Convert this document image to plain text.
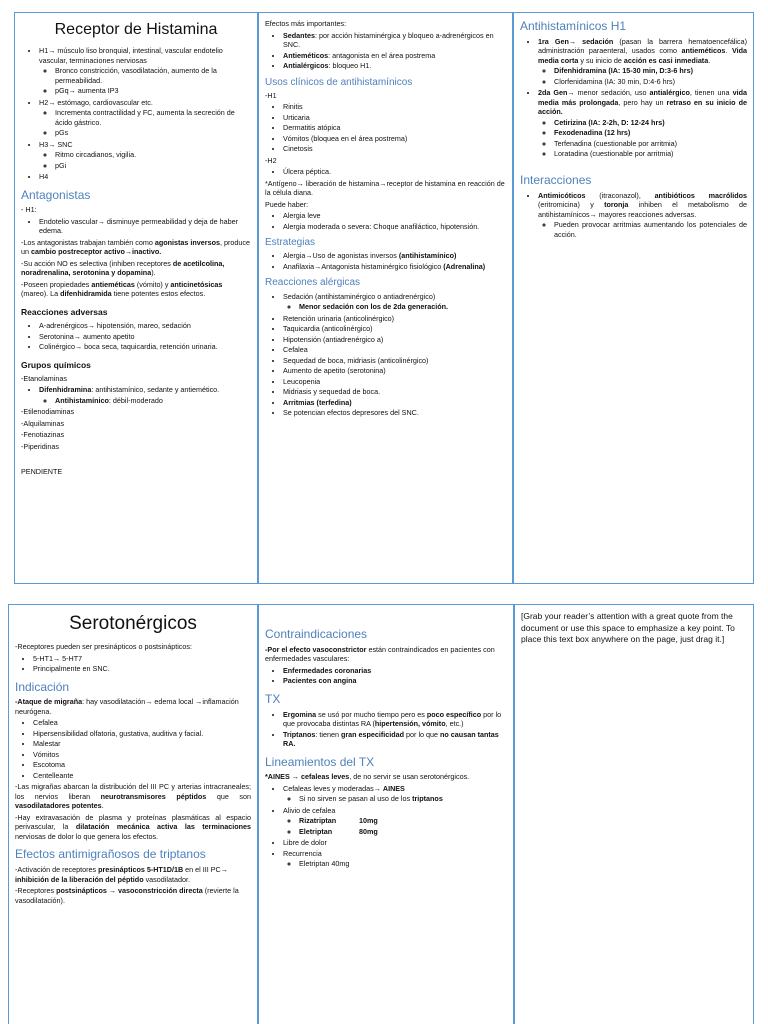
Receptor de Histamina
• H1→ músculo liso bronquial, intestinal, vascular endotelio vascular, terminaciones nerviosas
◦ Bronco constricción, vasodilatación, aumento de la permeabilidad.
◦ pGq→ aumenta IP3
• H2→ estómago, cardiovascular etc.
◦ Incrementa contractilidad y FC, aumenta la secreción de ácido gástrico.
◦ pGs
• H3→ SNC
◦ Ritmo circadianos, vigilia.
◦ pGi
• H4
Antagonistas

- H1:

• Endotelio vascular→ disminuye permeabilidad y deja de haber edema.

-Los antagonistas trabajan también como agonistas inversos, produce un cambio postreceptor activo→inactivo.

-Su acción NO es selectiva (inhiben receptores de acetilcolina, noradrenalina, serotonina y dopamina).

-Poseen propiedades antieméticas (vómito) y anticinetósicas (mareo). La difenhidramida tiene potentes estos efectos.

Reacciones adversas
• A-adrenérgicos→ hipotensión, mareo, sedación
• Serotonina→ aumento apetito
• Colinérgico→ boca seca, taquicardia, retención urinaria.
Grupos químicos

-Etanolaminas

• Difenhidramina: antihistamínico, sedante y antiemético.
◦ Antihistamínico: débil-moderado

-Etilenodiaminas

-Alquilaminas

-Fenotiazinas

-Piperidinas

PENDIENTE

Efectos más importantes:

• Sedantes: por acción histaminérgica y bloqueo a-adrenérgicos en SNC.
• Antieméticos: antagonista en el área postrema
• Antialérgicos: bloqueo H1.
Usos clínicos de antihistamínicos

-H1

• Rinitis
• Urticaria
• Dermatitis atópica
• Vómitos (bloquea en el área postrema)
• Cinetosis

-H2

• Úlcera péptica.

*Antígeno→ liberación de histamina→receptor de histamina en reacción de la célula diana.

Puede haber:

• Alergia leve
• Alergia moderada o severa: Choque anafiláctico, hipotensión.
Estrategias
• Alergia→Uso de agonistas inversos (antihistamínico)
• Anafilaxia→Antagonista histaminérgico fisiológico (Adrenalina)
Reacciones alérgicas
• Sedación (antihistaminérgico o antiadrenérgico)
◦ Menor sedación con los de 2da generación.
• Retención urinaria (anticolinérgico)
• Taquicardia (anticolinérgico)
• Hipotensión (antiadrenérgico a)
• Cefalea
• Sequedad de boca, midriasis (anticolinérgico)
• Aumento de apetito (serotonina)
• Leucopenia
• Midriasis y sequedad de boca.
• Arritmias (terfedina)
• Se potencian efectos depresores del SNC.
Antihistamínicos H1
• 1ra Gen→ sedación (pasan la barrera hematoencefálica) administración paraenteral, usados como antieméticos. Vida media corta y su inicio de acción es casi inmediata.
◦ Difenhidramina (IA: 15-30 min, D:3-6 hrs)
◦ Clorfenidamina (IA: 30 min, D:4-6 hrs)
• 2da Gen→ menor sedación, uso antialérgico, tienen una vida media más prolongada, pero hay un retraso en su inicio de acción.
◦ Cetirizina (IA: 2-2h, D: 12-24 hrs)
◦ Fexodenadina (12 hrs)
◦ Terfenadina (cuestionable por arritmia)
◦ Loratadina (cuestionable por arritmia)
Interacciones
• Antimicóticos (itraconazol), antibióticos macrólidos (eritromicina) y toronja inhiben el metabolismo de antihistamínicos→ mayores reacciones adversas.
◦ Pueden provocar arritmias aumentando los potenciales de acción.
Serotonérgicos

-Receptores pueden ser presinápticos o postsinápticos:

• 5-HT1→ 5-HT7
• Principalmente en SNC.
Indicación

-Ataque de migraña: hay vasodilatación→ edema local →inflamación neurógena.

• Cefalea
• Hipersensibilidad olfatoria, gustativa, auditiva y facial.
• Malestar
• Vómitos
• Escotoma
• Centelleante

-Las migrañas abarcan la distribución del III PC y arterias intracraneales; los nervios liberan neurotransmisores péptidos que son vasodilatadores potentes.

-Hay extravasación de plasma y proteínas plasmáticas al espacio perivascular, la dilatación mecánica activa las terminaciones nerviosas de dolor lo que genera los efectos.

Efectos antimigrañosos de triptanos

-Activación de receptores presinápticos 5-HT1D/1B en el III PC→ inhibición de la liberación del péptido vasodilatador.

-Receptores postsinápticos → vasoconstricción directa (revierte la vasodilatación).

Contraindicaciones

-Por el efecto vasoconstrictor están contraindicados en pacientes con enfermedades vasculares:

• Enfermedades coronarias
• Pacientes con angina
TX
• Ergomina se usó por mucho tiempo pero es poco específico por lo que provocaba distintas RA (hipertensión, vómito, etc.)
• Triptanos: tienen gran especificidad por lo que no causan tantas RA.
Lineamientos del TX

*AINES → cefaleas leves, de no servir se usan serotonérgicos.

• Cefaleas leves y moderadas→ AINES
◦ Si no sirven se pasan al uso de los triptanos
• Alivio de cefalea
◦ Rizatriptan	10mg
◦ Eletriptan	80mg
• Libre de dolor
• Recurrencia
◦ Eletriptan 40mg
[Grab your reader’s attention with a great quote from the document or use this space to emphasize a key point. To place this text box anywhere on the page, just drag it.]
